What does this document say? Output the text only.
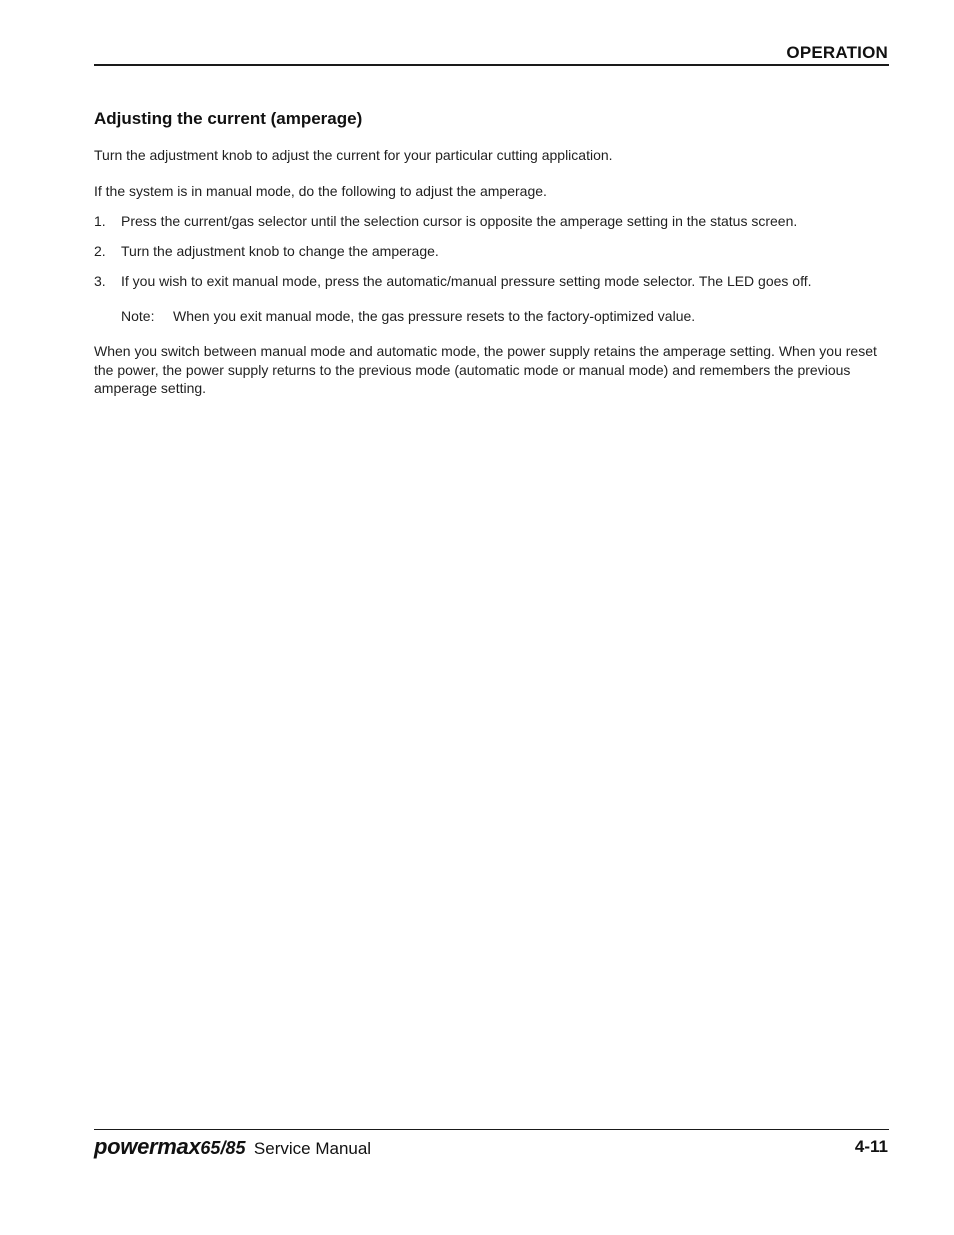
OPERATION
Adjusting the current (amperage)

Turn the adjustment knob to adjust the current for your particular cutting application.

If the system is in manual mode, do the following to adjust the amperage.

1. Press the current/gas selector until the selection cursor is opposite the amperage setting in the status screen.
2. Turn the adjustment knob to change the amperage.
3. If you wish to exit manual mode, press the automatic/manual pressure setting mode selector. The LED goes off.
Note: When you exit manual mode, the gas pressure resets to the factory-optimized value.

When you switch between manual mode and automatic mode, the power supply retains the amperage setting. When you reset the power, the power supply returns to the previous mode (automatic mode or manual mode) and remembers the previous amperage setting.

powermax65/85 Service Manual	4-11
